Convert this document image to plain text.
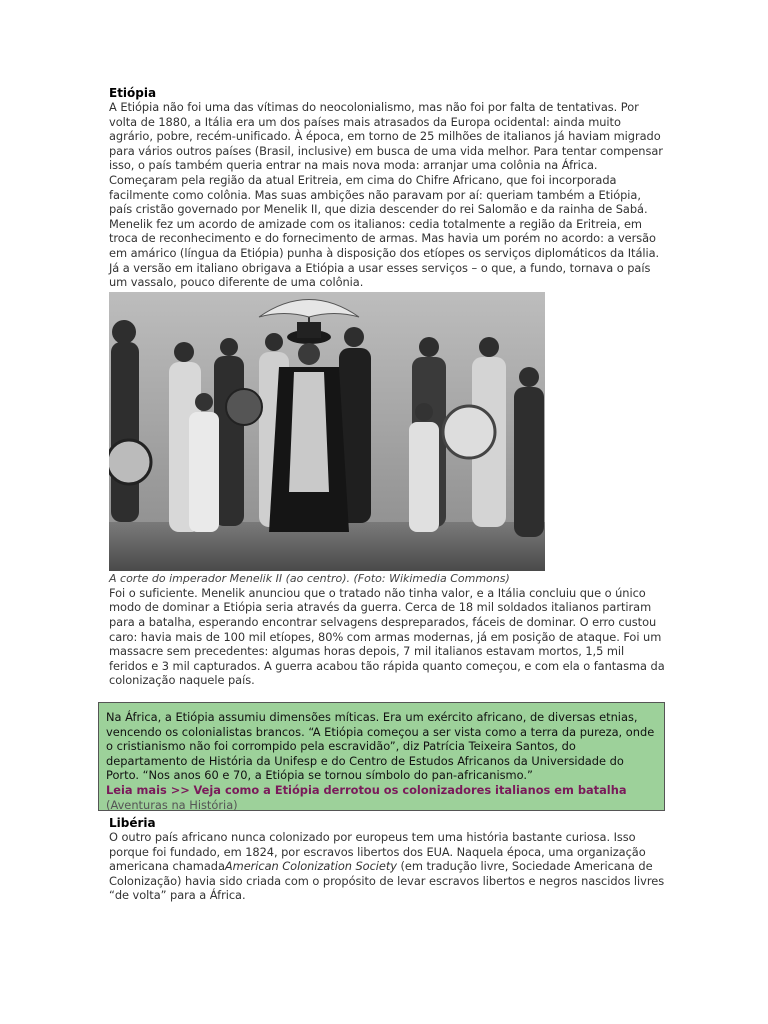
Etiópia

A Etiópia não foi uma das vítimas do neocolonialismo, mas não foi por falta de tentativas. Por volta de 1880, a Itália era um dos países mais atrasados da Europa ocidental: ainda muito agrário, pobre, recém-unificado. À época, em torno de 25 milhões de italianos já haviam migrado para vários outros países (Brasil, inclusive) em busca de uma vida melhor. Para tentar compensar isso, o país também queria entrar na mais nova moda: arranjar uma colônia na África.

Começaram pela região da atual Eritreia, em cima do Chifre Africano, que foi incorporada facilmente como colônia. Mas suas ambições não paravam por aí: queriam também a Etiópia, país cristão governado por Menelik II, que dizia descender do rei Salomão e da rainha de Sabá. Menelik fez um acordo de amizade com os italianos: cedia totalmente a região da Eritreia, em troca de reconhecimento e do fornecimento de armas. Mas havia um porém no acordo: a versão em amárico (língua da Etiópia) punha à disposição dos etíopes os serviços diplomáticos da Itália. Já a versão em italiano obrigava a Etiópia a usar esses serviços – o que, a fundo, tornava o país um vassalo, pouco diferente de uma colônia.

A corte do imperador Menelik II (ao centro). (Foto: Wikimedia Commons)

Foi o suficiente. Menelik anunciou que o tratado não tinha valor, e a Itália concluiu que o único modo de dominar a Etiópia seria através da guerra. Cerca de 18 mil soldados italianos partiram para a batalha, esperando encontrar selvagens despreparados, fáceis de dominar. O erro custou caro: havia mais de 100 mil etíopes, 80% com armas modernas, já em posição de ataque. Foi um massacre sem precedentes: algumas horas depois, 7 mil italianos estavam mortos, 1,5 mil feridos e 3 mil capturados. A guerra acabou tão rápida quanto começou, e com ela o fantasma da colonização naquele país.

Na África, a Etiópia assumiu dimensões míticas. Era um exército africano, de diversas etnias, vencendo os colonialistas brancos. “A Etiópia começou a ser vista como a terra da pureza, onde o cristianismo não foi corrompido pela escravidão”, diz Patrícia Teixeira Santos, do departamento de História da Unifesp e do Centro de Estudos Africanos da Universidade do Porto. “Nos anos 60 e 70, a Etiópia se tornou símbolo do pan-africanismo.”

Leia mais >> Veja como a Etiópia derrotou os colonizadores italianos em batalha (Aventuras na História)

Libéria

O outro país africano nunca colonizado por europeus tem uma história bastante curiosa. Isso porque foi fundado, em 1824, por escravos libertos dos EUA. Naquela época, uma organização americana chamadaAmerican Colonization Society (em tradução livre, Sociedade Americana de Colonização) havia sido criada com o propósito de levar escravos libertos e negros nascidos livres “de volta” para a África.
